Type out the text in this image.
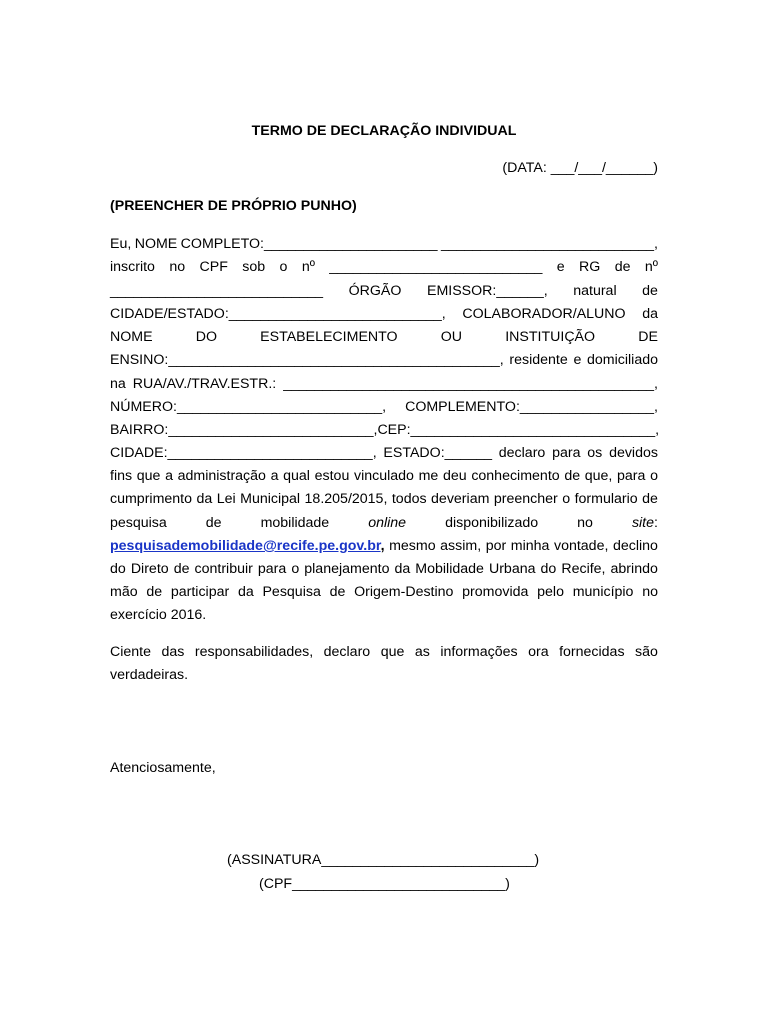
TERMO DE DECLARAÇÃO INDIVIDUAL
(DATA: ___/___/______)
(PREENCHER DE PRÓPRIO PUNHO)
Eu, NOME COMPLETO:______________________ ___________________________,
inscrito no CPF sob o nº ___________________________ e RG de nº
___________________________ ÓRGÃO EMISSOR:______, natural de
CIDADE/ESTADO:___________________________, COLABORADOR/ALUNO da
NOME	DO	ESTABELECIMENTO	OU	INSTITUIÇÃO	DE
ENSINO:__________________________________________, residente e domiciliado
na RUA/AV./TRAV.ESTR.: _______________________________________________,
NÚMERO:__________________________, COMPLEMENTO:_________________,
BAIRRO:__________________________, CEP:_______________________________,
CIDADE:__________________________, ESTADO:______ declaro para os devidos
fins que a administração a qual estou vinculado me deu conhecimento de que, para o
cumprimento da Lei Municipal 18.205/2015, todos deveriam preencher o formulario de
pesquisa	de	mobilidade	online	disponibilizado	no	site:
pesquisademobilidade@recife.pe.gov.br, mesmo assim, por minha vontade, declino
do Direto de contribuir para o planejamento da Mobilidade Urbana do Recife, abrindo
mão de participar da Pesquisa de Origem-Destino promovida pelo município no
exercício 2016.
Ciente das responsabilidades, declaro que as informações ora fornecidas são
verdadeiras.
Atenciosamente,
(ASSINATURA___________________________)
(CPF___________________________)
